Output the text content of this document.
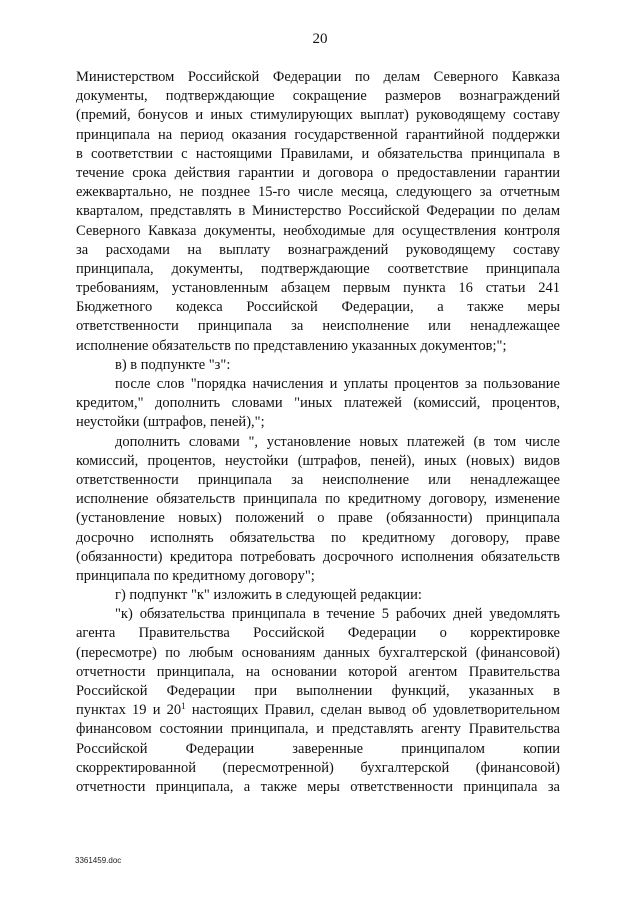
20
Министерством Российской Федерации по делам Северного Кавказа
документы, подтверждающие сокращение размеров вознаграждений
(премий, бонусов и иных стимулирующих выплат) руководящему составу
принципала на период оказания государственной гарантийной поддержки
в соответствии с настоящими Правилами, и обязательства принципала в
течение срока действия гарантии и договора о предоставлении гарантии
ежеквартально, не позднее 15-го числе месяца, следующего за отчетным
кварталом, представлять в Министерство Российской Федерации по делам
Северного Кавказа документы, необходимые для осуществления контроля
за расходами на выплату вознаграждений руководящему составу
принципала, документы, подтверждающие соответствие принципала
требованиям, установленным абзацем первым пункта 16 статьи 241
Бюджетного кодекса Российской Федерации, а также меры
ответственности принципала за неисполнение или ненадлежащее
исполнение обязательств по представлению указанных документов;";
в) в подпункте "з":
после слов "порядка начисления и уплаты процентов за пользование
кредитом," дополнить словами "иных платежей (комиссий, процентов,
неустойки (штрафов, пеней),";
дополнить словами ", установление новых платежей (в том числе
комиссий, процентов, неустойки (штрафов, пеней), иных (новых) видов
ответственности принципала за неисполнение или ненадлежащее
исполнение обязательств принципала по кредитному договору, изменение
(установление новых) положений о праве (обязанности) принципала
досрочно исполнять обязательства по кредитному договору, праве
(обязанности) кредитора потребовать досрочного исполнения обязательств
принципала по кредитному договору";
г) подпункт "к" изложить в следующей редакции:
"к) обязательства принципала в течение 5 рабочих дней уведомлять
агента Правительства Российской Федерации о корректировке
(пересмотре) по любым основаниям данных бухгалтерской (финансовой)
отчетности принципала, на основании которой агентом Правительства
Российской Федерации при выполнении функций, указанных в
пунктах 19 и $20^1$ настоящих Правил, сделан вывод об удовлетворительном
финансовом состоянии принципала, и представлять агенту Правительства
Российской Федерации заверенные принципалом копии
скорректированной (пересмотренной) бухгалтерской (финансовой)
отчетности принципала, а также меры ответственности принципала за
3361459.doc
